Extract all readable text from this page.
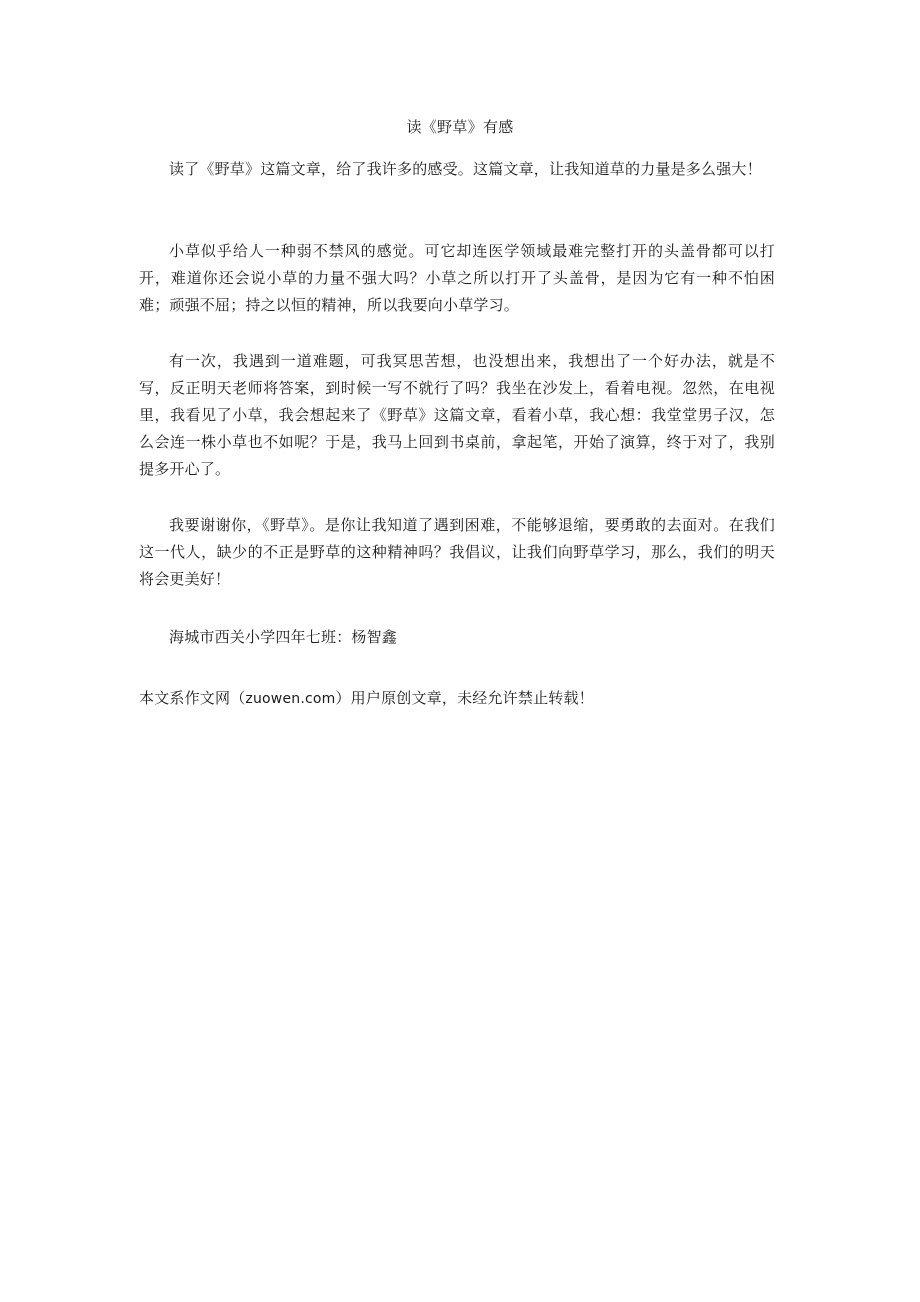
读《野草》有感

读了《野草》这篇文章，给了我许多的感受。这篇文章，让我知道草的力量是多么强大！

小草似乎给人一种弱不禁风的感觉。可它却连医学领域最难完整打开的头盖骨都可以打开，难道你还会说小草的力量不强大吗？小草之所以打开了头盖骨，是因为它有一种不怕困难；顽强不屈；持之以恒的精神，所以我要向小草学习。

有一次，我遇到一道难题，可我冥思苦想，也没想出来，我想出了一个好办法，就是不写，反正明天老师将答案，到时候一写不就行了吗？我坐在沙发上，看着电视。忽然，在电视里，我看见了小草，我会想起来了《野草》这篇文章，看着小草，我心想：我堂堂男子汉，怎么会连一株小草也不如呢？于是，我马上回到书桌前，拿起笔，开始了演算，终于对了，我别提多开心了。

我要谢谢你，《野草》。是你让我知道了遇到困难，不能够退缩，要勇敢的去面对。在我们这一代人，缺少的不正是野草的这种精神吗？我倡议，让我们向野草学习，那么，我们的明天将会更美好！

海城市西关小学四年七班：杨智鑫

本文系作文网（zuowen.com）用户原创文章，未经允许禁止转载！
